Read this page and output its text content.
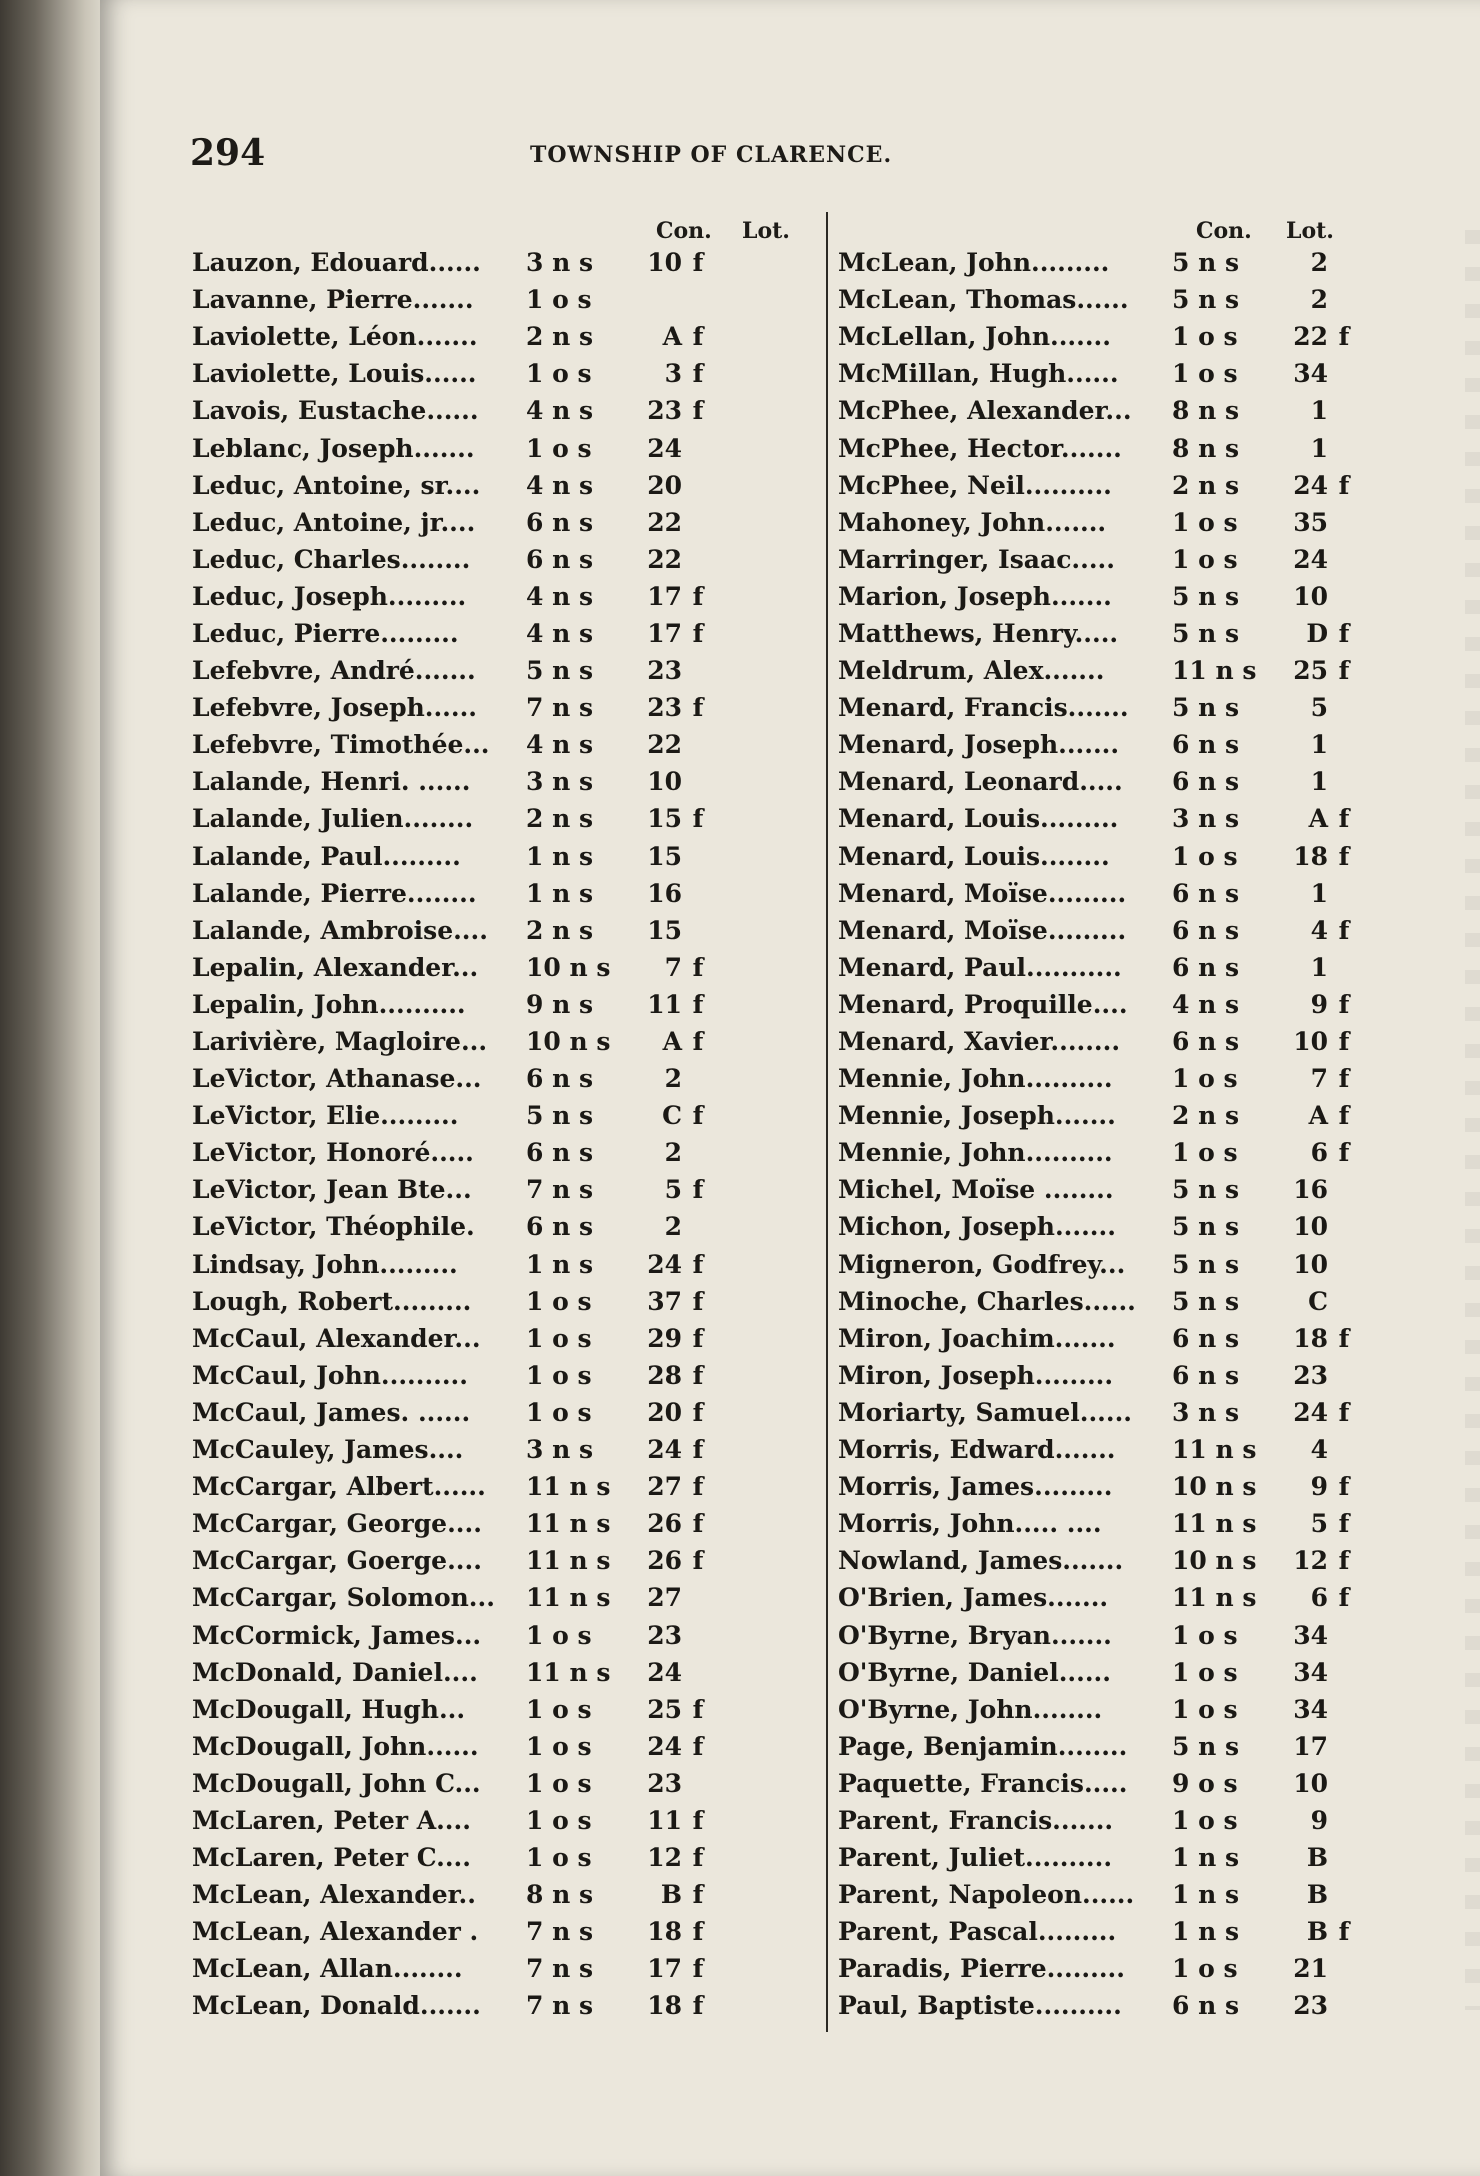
294	TOWNSHIP OF CLARENCE.
Con. Lot.	Con. Lot.
Lauzon, Edouard......	3 n s	10 f
Lavanne, Pierre.......	1 o s
Laviolette, Léon.......	2 n s	A f
Laviolette, Louis......	1 o s	3 f
Lavois, Eustache......	4 n s	23 f
Leblanc, Joseph.......	1 o s	24
Leduc, Antoine, sr....	4 n s	20
Leduc, Antoine, jr....	6 n s	22
Leduc, Charles........	6 n s	22
Leduc, Joseph.........	4 n s	17 f
Leduc, Pierre.........	4 n s	17 f
Lefebvre, André.......	5 n s	23
Lefebvre, Joseph......	7 n s	23 f
Lefebvre, Timothée...	4 n s	22
Lalande, Henri. ......	3 n s	10
Lalande, Julien........	2 n s	15 f
Lalande, Paul.........	1 n s	15
Lalande, Pierre........	1 n s	16
Lalande, Ambroise....	2 n s	15
Lepalin, Alexander...	10 n s	7 f
Lepalin, John..........	9 n s	11 f
Larivière, Magloire...	10 n s	A f
LeVictor, Athanase...	6 n s	2
LeVictor, Elie.........	5 n s	C f
LeVictor, Honoré.....	6 n s	2
LeVictor, Jean Bte...	7 n s	5 f
LeVictor, Théophile.	6 n s	2
Lindsay, John.........	1 n s	24 f
Lough, Robert.........	1 o s	37 f
McCaul, Alexander...	1 o s	29 f
McCaul, John..........	1 o s	28 f
McCaul, James. ......	1 o s	20 f
McCauley, James....	3 n s	24 f
McCargar, Albert......	11 n s	27 f
McCargar, George....	11 n s	26 f
McCargar, Goerge....	11 n s	26 f
McCargar, Solomon...	11 n s	27
McCormick, James...	1 o s	23
McDonald, Daniel....	11 n s	24
McDougall, Hugh...	1 o s	25 f
McDougall, John......	1 o s	24 f
McDougall, John C...	1 o s	23
McLaren, Peter A....	1 o s	11 f
McLaren, Peter C....	1 o s	12 f
McLean, Alexander..	8 n s	B f
McLean, Alexander .	7 n s	18 f
McLean, Allan........	7 n s	17 f
McLean, Donald.......	7 n s	18 f
McLean, John.........	5 n s	2
McLean, Thomas......	5 n s	2
McLellan, John.......	1 o s	22 f
McMillan, Hugh......	1 o s	34
McPhee, Alexander...	8 n s	1
McPhee, Hector.......	8 n s	1
McPhee, Neil..........	2 n s	24 f
Mahoney, John.......	1 o s	35
Marringer, Isaac.....	1 o s	24
Marion, Joseph.......	5 n s	10
Matthews, Henry.....	5 n s	D f
Meldrum, Alex.......	11 n s	25 f
Menard, Francis.......	5 n s	5
Menard, Joseph.......	6 n s	1
Menard, Leonard.....	6 n s	1
Menard, Louis.........	3 n s	A f
Menard, Louis........	1 o s	18 f
Menard, Moïse.........	6 n s	1
Menard, Moïse.........	6 n s	4 f
Menard, Paul...........	6 n s	1
Menard, Proquille....	4 n s	9 f
Menard, Xavier........	6 n s	10 f
Mennie, John..........	1 o s	7 f
Mennie, Joseph.......	2 n s	A f
Mennie, John..........	1 o s	6 f
Michel, Moïse ........	5 n s	16
Michon, Joseph.......	5 n s	10
Migneron, Godfrey...	5 n s	10
Minoche, Charles......	5 n s	C
Miron, Joachim.......	6 n s	18 f
Miron, Joseph.........	6 n s	23
Moriarty, Samuel......	3 n s	24 f
Morris, Edward.......	11 n s	4
Morris, James.........	10 n s	9 f
Morris, John..... ....	11 n s	5 f
Nowland, James.......	10 n s	12 f
O'Brien, James.......	11 n s	6 f
O'Byrne, Bryan.......	1 o s	34
O'Byrne, Daniel......	1 o s	34
O'Byrne, John........	1 o s	34
Page, Benjamin........	5 n s	17
Paquette, Francis.....	9 o s	10
Parent, Francis.......	1 o s	9
Parent, Juliet..........	1 n s	B
Parent, Napoleon......	1 n s	B
Parent, Pascal.........	1 n s	B f
Paradis, Pierre.........	1 o s	21
Paul, Baptiste..........	6 n s	23
